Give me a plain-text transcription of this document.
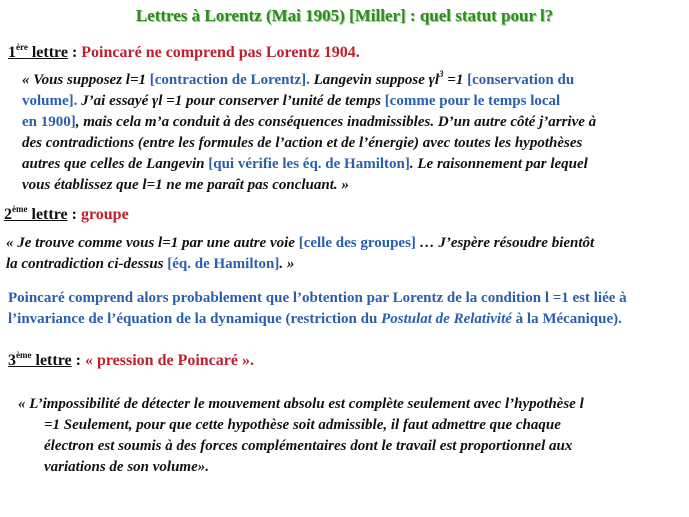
Lettres à Lorentz (Mai 1905) [Miller] : quel statut pour l?
1ère lettre : Poincaré ne comprend pas Lorentz 1904.
« Vous supposez l=1 [contraction de Lorentz]. Langevin suppose $\gamma l^3 =1$ [conservation du
volume]. J’ai essayé γl =1 pour conserver l’unité de temps [comme pour le temps local
en 1900], mais cela m’a conduit à des conséquences inadmissibles. D’un autre côté j’arrive à
des contradictions (entre les formules de l’action et de l’énergie) avec toutes les hypothèses
autres que celles de Langevin [qui vérifie les éq. de Hamilton]. Le raisonnement par lequel
vous établissez que l=1 ne me paraît pas concluant. »
2ème lettre : groupe
« Je trouve comme vous l=1 par une autre voie [celle des groupes] … J’espère résoudre bientôt
la contradiction ci-dessus [éq. de Hamilton]. »
Poincaré comprend alors probablement que l’obtention par Lorentz de la condition l =1 est liée à
l’invariance de l’équation de la dynamique (restriction du Postulat de Relativité à la Mécanique).
3ème lettre : « pression de Poincaré ».
« L’impossibilité de détecter le mouvement absolu est complète seulement avec l’hypothèse l
=1 Seulement, pour que cette hypothèse soit admissible, il faut admettre que chaque
électron est soumis à des forces complémentaires dont le travail est proportionnel aux
variations de son volume».
